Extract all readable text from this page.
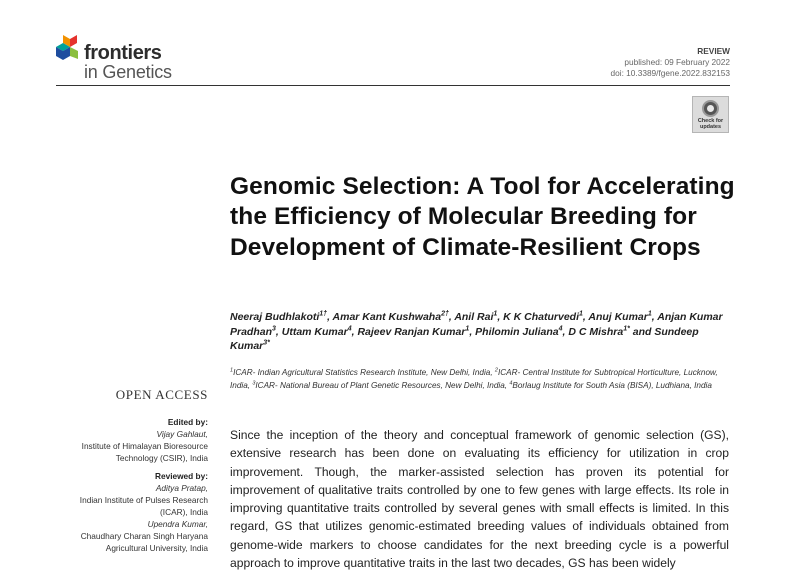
frontiers
in Genetics
REVIEW
published: 09 February 2022
doi: 10.3389/fgene.2022.832153
Check for
updates
Genomic Selection: A Tool for Accelerating the Efficiency of Molecular Breeding for Development of Climate-Resilient Crops

Neeraj Budhlakoti$^{1\dagger}$, Amar Kant Kushwaha$^{2\dagger}$, Anil Rai$^1$, K K Chaturvedi$^1$, Anuj Kumar$^1$, Anjan Kumar Pradhan$^3$, Uttam Kumar$^4$, Rajeev Ranjan Kumar$^1$, Philomin Juliana$^4$, D C Mishra$^{1*}$ and Sundeep Kumar$^{3*}$

$^1$ICAR- Indian Agricultural Statistics Research Institute, New Delhi, India, $^2$ICAR- Central Institute for Subtropical Horticulture, Lucknow, India, $^3$ICAR- National Bureau of Plant Genetic Resources, New Delhi, India, $^4$Borlaug Institute for South Asia (BISA), Ludhiana, India

OPEN ACCESS
Edited by:
Vijay Gahlaut,
Institute of Himalayan Bioresource
Technology (CSIR), India
Reviewed by:
Aditya Pratap,
Indian Institute of Pulses Research
(ICAR), India
Upendra Kumar,
Chaudhary Charan Singh Haryana
Agricultural University, India

Since the inception of the theory and conceptual framework of genomic selection (GS), extensive research has been done on evaluating its efficiency for utilization in crop improvement. Though, the marker-assisted selection has proven its potential for improvement of qualitative traits controlled by one to few genes with large effects. Its role in improving quantitative traits controlled by several genes with small effects is limited. In this regard, GS that utilizes genomic-estimated breeding values of individuals obtained from genome-wide markers to choose candidates for the next breeding cycle is a powerful approach to improve quantitative traits in the last two decades, GS has been widely
